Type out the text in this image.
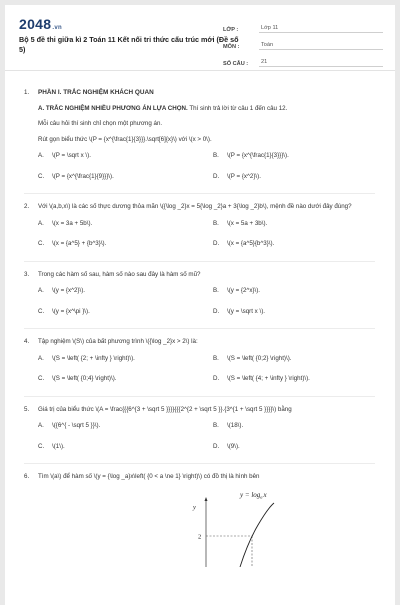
2048.vn
Bộ 5 đề thi giữa kì 2 Toán 11 Kết nối tri thức cấu trúc mới (Đề số 5)
LỚP :	Lớp 11
MÔN :	Toán
SỐ CÂU :	21
1. PHẦN I. TRẮC NGHIỆM KHÁCH QUAN
A. TRẮC NGHIỆM NHIỀU PHƯƠNG ÁN LỰA CHỌN. Thí sinh trả lời từ câu 1 đến câu 12.
Mỗi câu hỏi thí sinh chỉ chọn một phương án.
Rút gọn biểu thức \(P = {x^{\frac{1}{3}}}.\sqrt[6]{x}\) với \(x > 0\).
A. \(P = \sqrt x \).	B. \(P = {x^{\frac{1}{3}}}\).
C. \(P = {x^{\frac{1}{9}}}\).	D. \(P = {x^2}\).
2. Với \(a,b,x\) là các số thực dương thỏa mãn \({\log _2}x = 5{\log _2}a + 3{\log _2}b\), mệnh đề nào dưới đây đúng?
A. \(x = 3a + 5b\).	B. \(x = 5a + 3b\).
C. \(x = {a^5} + {b^3}\).	D. \(x = {a^5}{b^3}\).
3. Trong các hàm số sau, hàm số nào sau đây là hàm số mũ?
A. \(y = {x^2}\).	B. \(y = {2^x}\).
C. \(y = {x^\pi }\).	D. \(y = \sqrt x \).
4. Tập nghiệm \(S\) của bất phương trình \({\log _2}x > 2\) là:
A. \(S = \left( {2; + \infty } \right)\).	B. \(S = \left( {0;2} \right)\).
C. \(S = \left( {0;4} \right)\).	D. \(S = \left( {4; + \infty } \right)\).
5. Giá trị của biểu thức \(A = \frac{{{6^{3 + \sqrt 5 }}}}{{{2^{2 + \sqrt 5 }}.{3^{1 + \sqrt 5 }}}}\) bằng
A. \({6^{ - \sqrt 5 }}\).	B. \(18\).
C. \(1\).	D. \(9\).
6. Tìm \(a\) để hàm số \(y = {\log _a}x\left( {0 < a \ne 1} \right)\) có đồ thị là hình bên
$y = \log_ax$
y
2
